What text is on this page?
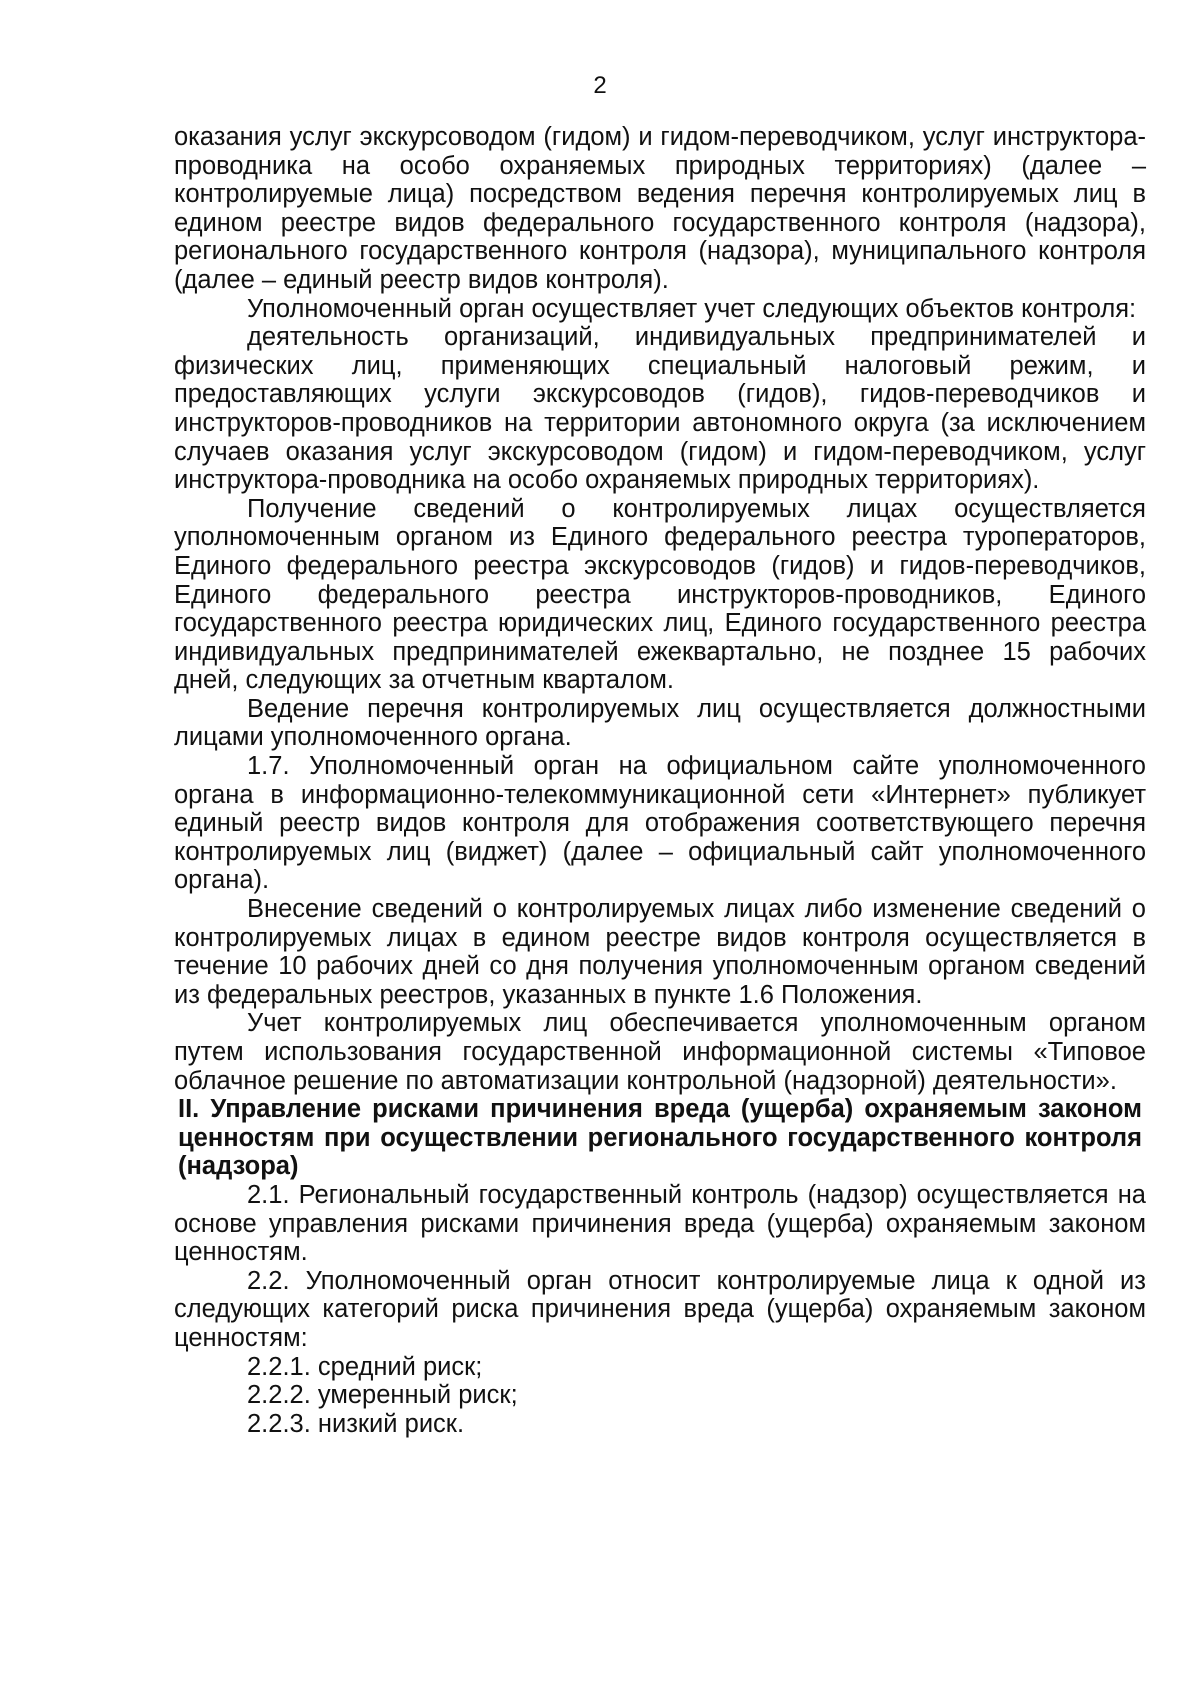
2

оказания услуг экскурсоводом (гидом) и гидом-переводчиком, услуг инструктора-проводника на особо охраняемых природных территориях) (далее – контролируемые лица) посредством ведения перечня контролируемых лиц в едином реестре видов федерального государственного контроля (надзора), регионального государственного контроля (надзора), муниципального контроля (далее – единый реестр видов контроля).

Уполномоченный орган осуществляет учет следующих объектов контроля:

деятельность организаций, индивидуальных предпринимателей и физических лиц, применяющих специальный налоговый режим, и предоставляющих услуги экскурсоводов (гидов), гидов-переводчиков и инструкторов-проводников на территории автономного округа (за исключением случаев оказания услуг экскурсоводом (гидом) и гидом-переводчиком, услуг инструктора-проводника на особо охраняемых природных территориях).

Получение сведений о контролируемых лицах осуществляется уполномоченным органом из Единого федерального реестра туроператоров, Единого федерального реестра экскурсоводов (гидов) и гидов-переводчиков, Единого федерального реестра инструкторов-проводников, Единого государственного реестра юридических лиц, Единого государственного реестра индивидуальных предпринимателей ежеквартально, не позднее 15 рабочих дней, следующих за отчетным кварталом.

Ведение перечня контролируемых лиц осуществляется должностными лицами уполномоченного органа.

1.7. Уполномоченный орган на официальном сайте уполномоченного органа в информационно-телекоммуникационной сети «Интернет» публикует единый реестр видов контроля для отображения соответствующего перечня контролируемых лиц (виджет) (далее – официальный сайт уполномоченного органа).

Внесение сведений о контролируемых лицах либо изменение сведений о контролируемых лицах в едином реестре видов контроля осуществляется в течение 10 рабочих дней со дня получения уполномоченным органом сведений из федеральных реестров, указанных в пункте 1.6 Положения.

Учет контролируемых лиц обеспечивается уполномоченным органом путем использования государственной информационной системы «Типовое облачное решение по автоматизации контрольной (надзорной) деятельности».

II. Управление рисками причинения вреда (ущерба) охраняемым законом ценностям при осуществлении регионального государственного контроля (надзора)

2.1. Региональный государственный контроль (надзор) осуществляется на основе управления рисками причинения вреда (ущерба) охраняемым законом ценностям.

2.2. Уполномоченный орган относит контролируемые лица к одной из следующих категорий риска причинения вреда (ущерба) охраняемым законом ценностям:

2.2.1. средний риск;

2.2.2. умеренный риск;

2.2.3. низкий риск.
